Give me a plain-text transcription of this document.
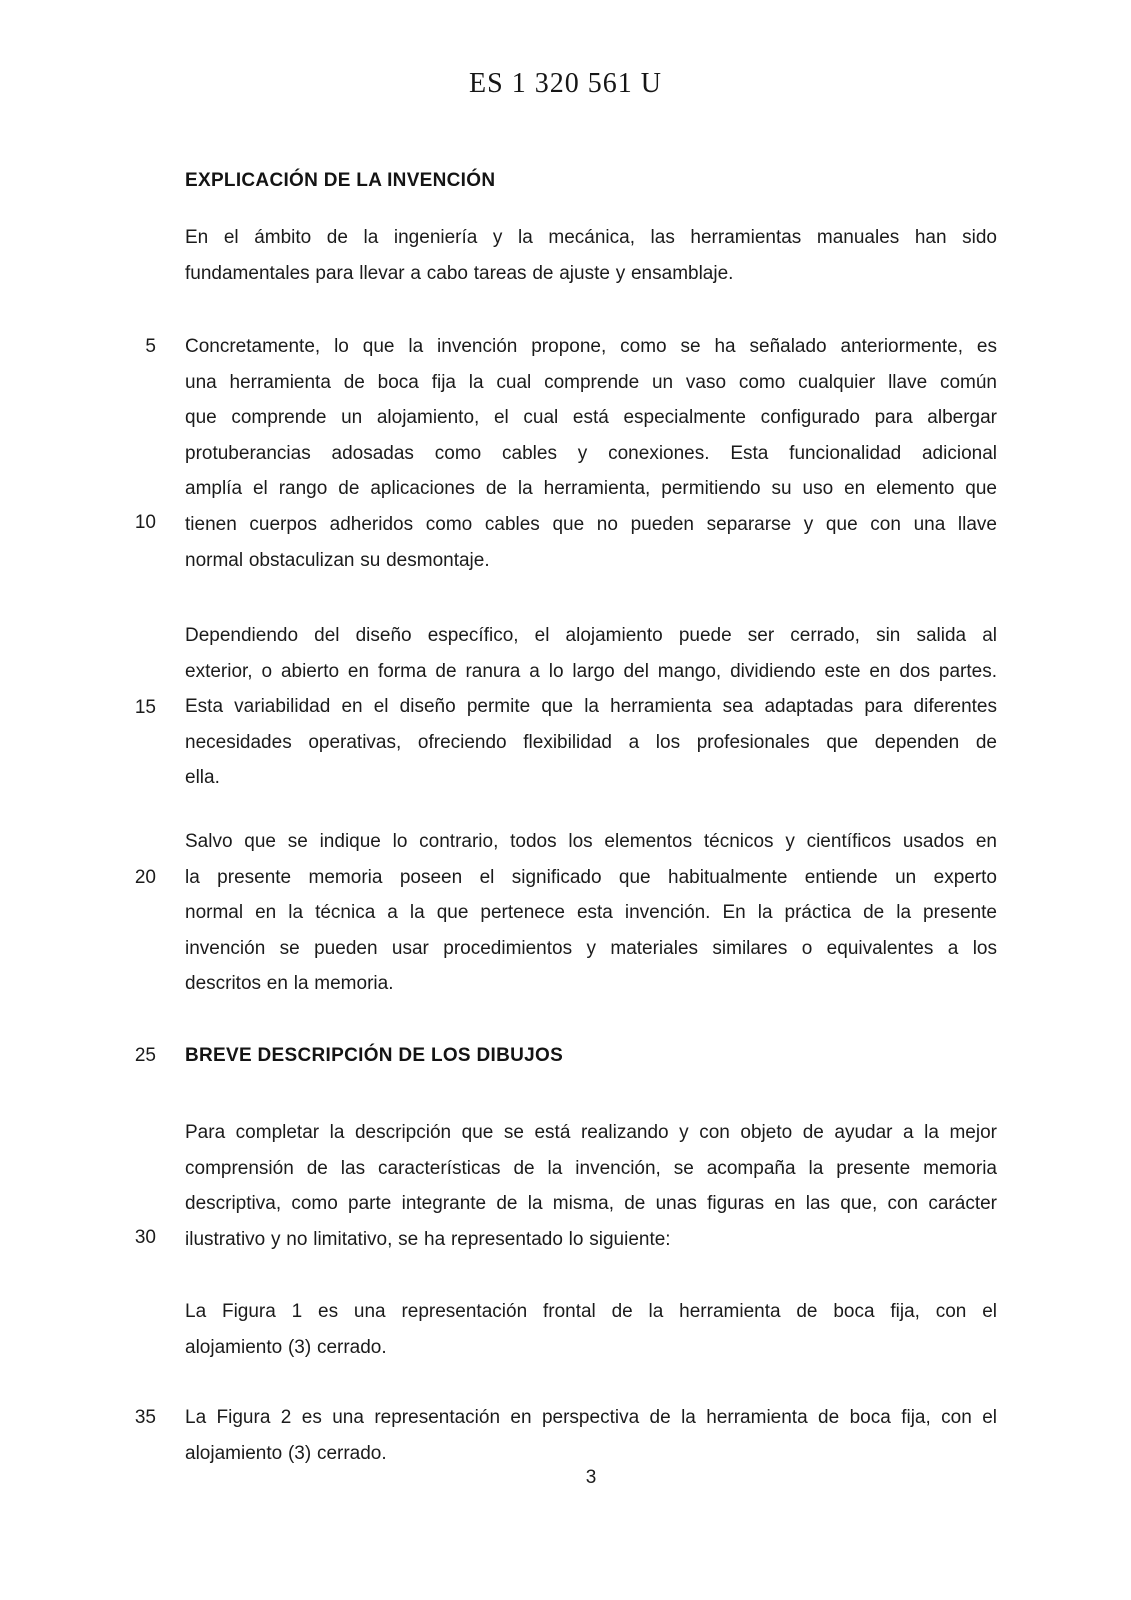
ES 1 320 561 U
EXPLICACIÓN DE LA INVENCIÓN
En el ámbito de la ingeniería y la mecánica, las herramientas manuales han sido
fundamentales para llevar a cabo tareas de ajuste y ensamblaje.
Concretamente, lo que la invención propone, como se ha señalado anteriormente, es
una herramienta de boca fija la cual comprende un vaso como cualquier llave común
que comprende un alojamiento, el cual está especialmente configurado para albergar
protuberancias adosadas como cables y conexiones. Esta funcionalidad adicional
amplía el rango de aplicaciones de la herramienta, permitiendo su uso en elemento que
tienen cuerpos adheridos como cables que no pueden separarse y que con una llave
normal obstaculizan su desmontaje.
Dependiendo del diseño específico, el alojamiento puede ser cerrado, sin salida al
exterior, o abierto en forma de ranura a lo largo del mango, dividiendo este en dos partes.
Esta variabilidad en el diseño permite que la herramienta sea adaptadas para diferentes
necesidades operativas, ofreciendo flexibilidad a los profesionales que dependen de
ella.
Salvo que se indique lo contrario, todos los elementos técnicos y científicos usados en
la presente memoria poseen el significado que habitualmente entiende un experto
normal en la técnica a la que pertenece esta invención. En la práctica de la presente
invención se pueden usar procedimientos y materiales similares o equivalentes a los
descritos en la memoria.
BREVE DESCRIPCIÓN DE LOS DIBUJOS
Para completar la descripción que se está realizando y con objeto de ayudar a la mejor
comprensión de las características de la invención, se acompaña la presente memoria
descriptiva, como parte integrante de la misma, de unas figuras en las que, con carácter
ilustrativo y no limitativo, se ha representado lo siguiente:
La Figura 1 es una representación frontal de la herramienta de boca fija, con el
alojamiento (3) cerrado.
La Figura 2 es una representación en perspectiva de la herramienta de boca fija, con el
alojamiento (3) cerrado.
3
5
10
15
20
25
30
35
